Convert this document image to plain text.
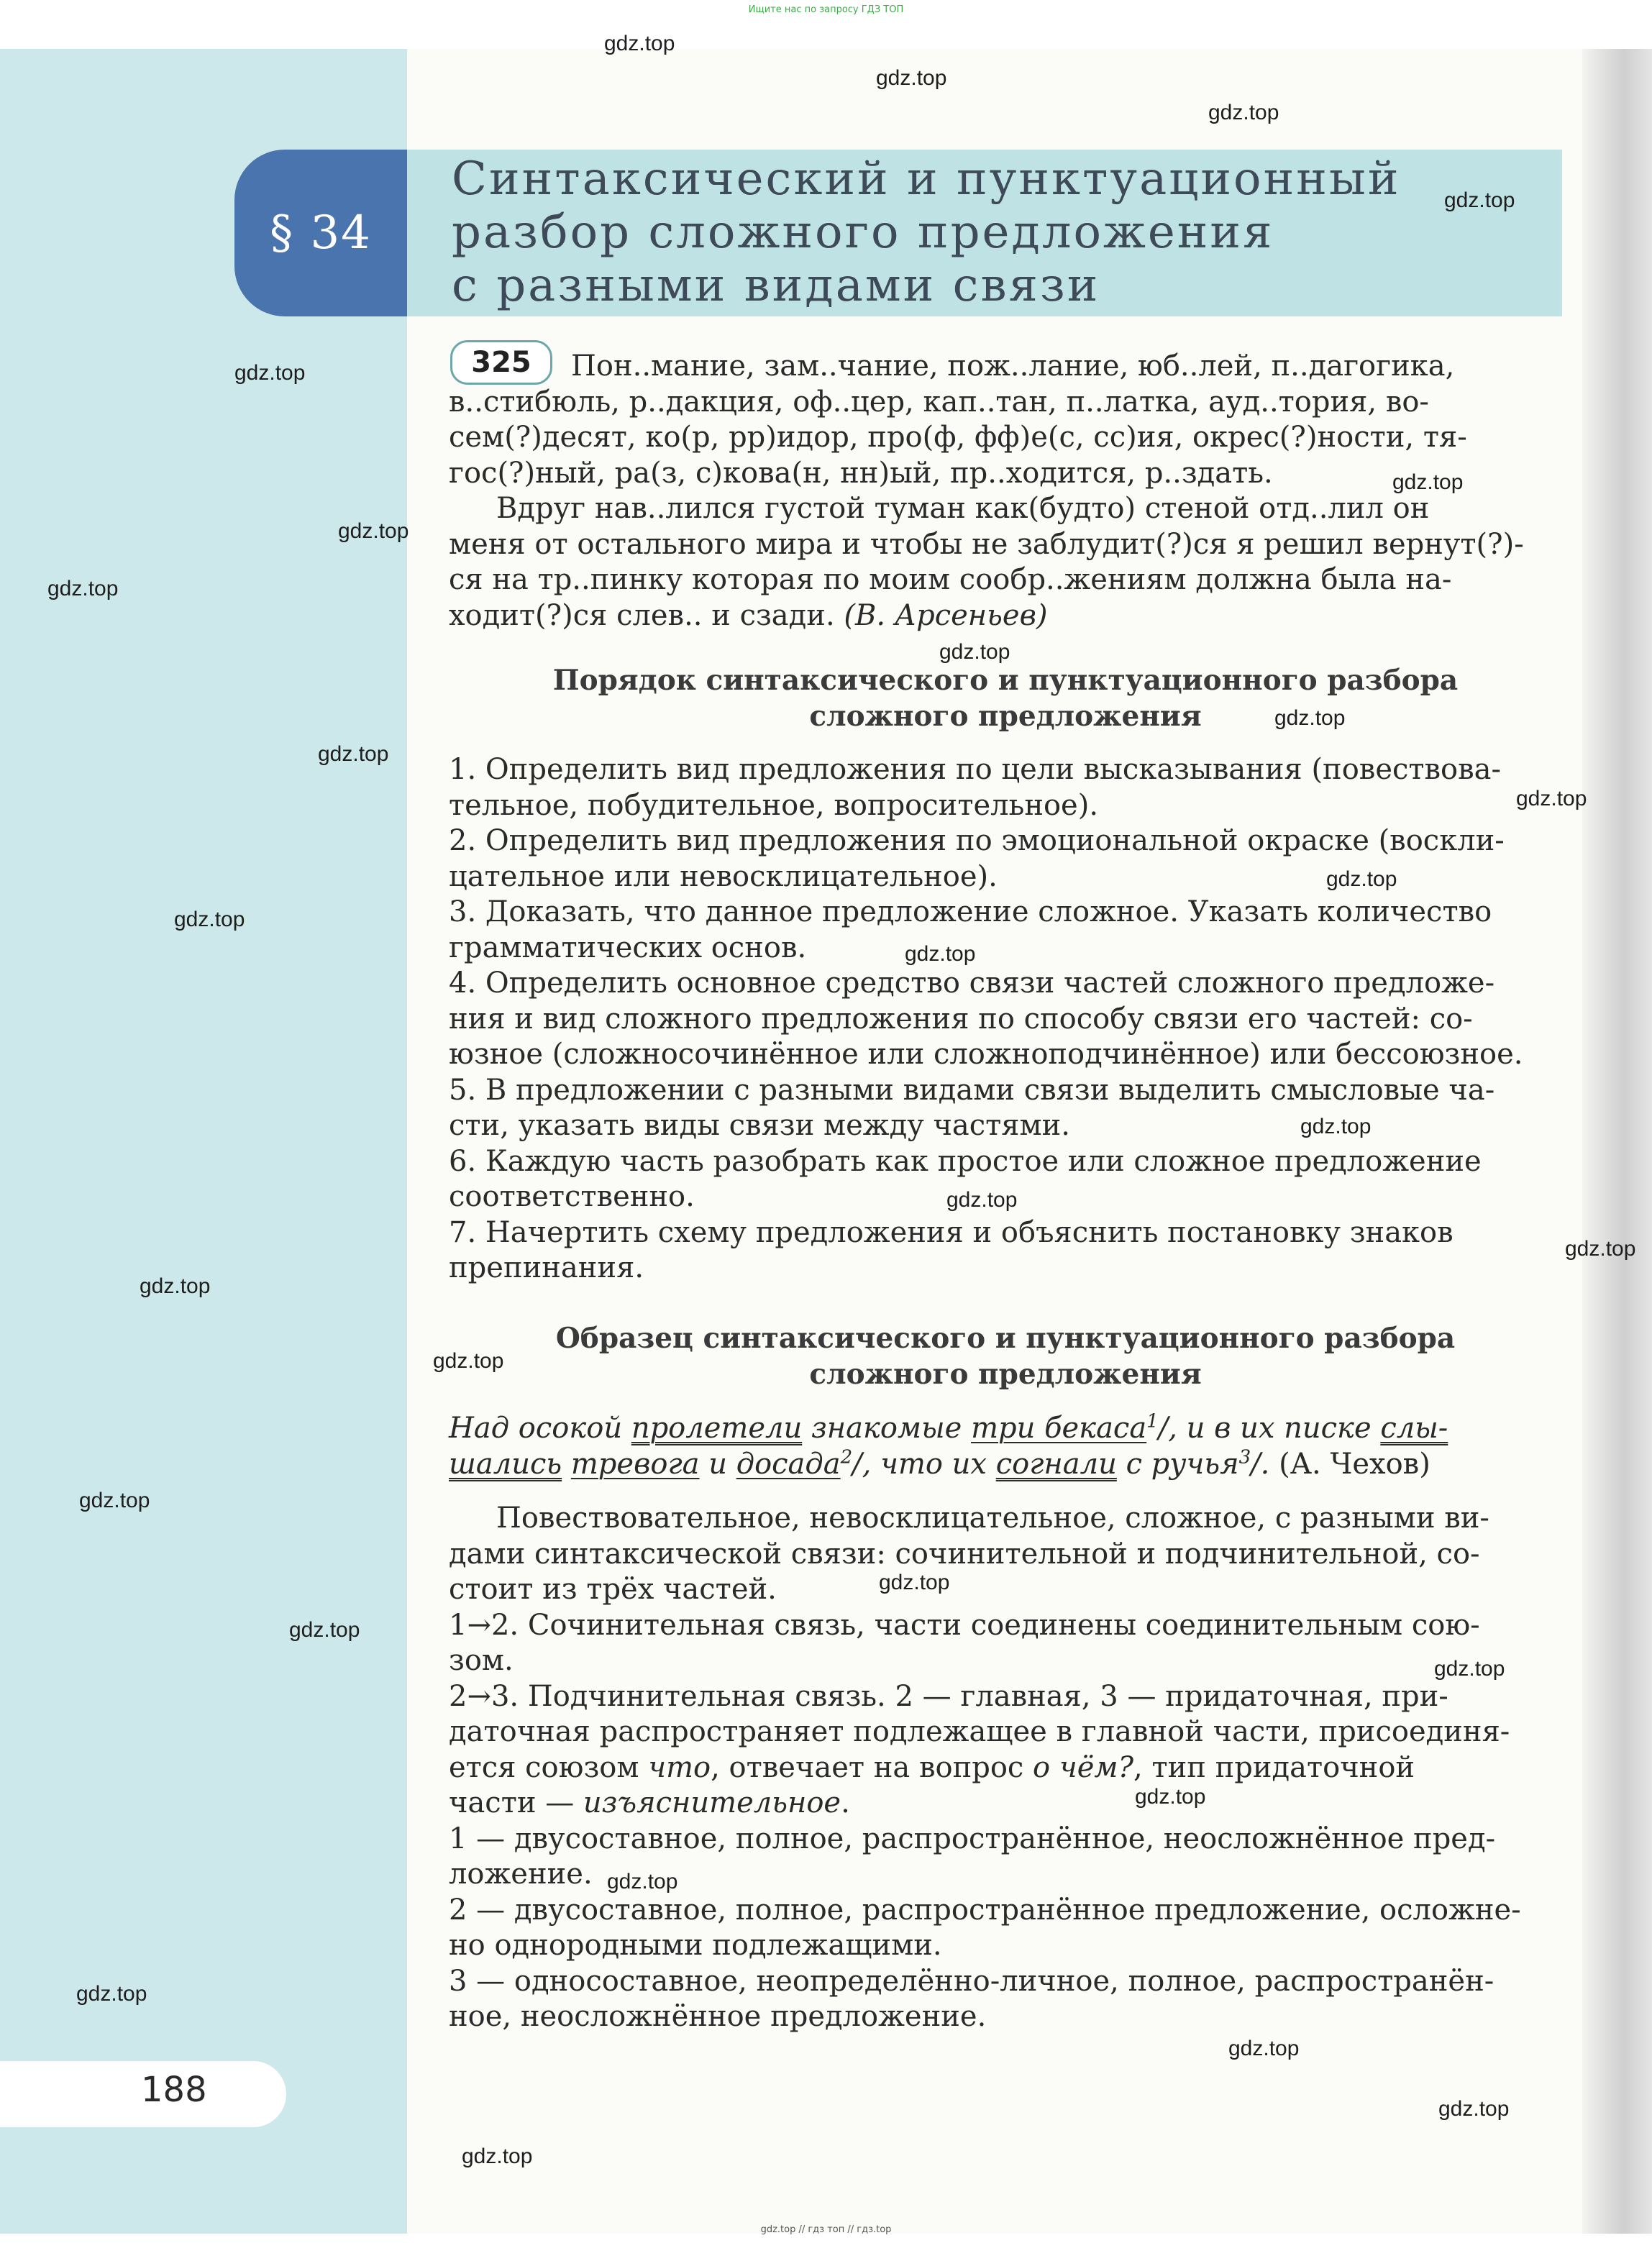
Ищите нас по запросу ГДЗ ТОП
§ 34
Синтаксический и пунктуационный
разбор сложного предложения
с разными видами связи
325	Пон..мание, зам..чание, пож..лание, юб..лей, п..дагогика,
в..стибюль, р..дакция, оф..цер, кап..тан, п..латка, ауд..тория, во-
сем(?)десят, ко(р, рр)идор, про(ф, фф)е(с, сс)ия, окрес(?)ности, тя-
гос(?)ный, ра(з, с)кова(н, нн)ый, пр..ходится, р..здать.
Вдруг нав..лился густой туман как(будто) стеной отд..лил он
меня от остального мира и чтобы не заблудит(?)ся я решил вернут(?)-
ся на тр..пинку которая по моим сообр..жениям должна была на-
ходит(?)ся слев.. и сзади. (В. Арсеньев)
Порядок синтаксического и пунктуационного разбора
сложного предложения
1. Определить вид предложения по цели высказывания (повествова-
тельное, побудительное, вопросительное).
2. Определить вид предложения по эмоциональной окраске (воскли-
цательное или невосклицательное).
3. Доказать, что данное предложение сложное. Указать количество
грамматических основ.
4. Определить основное средство связи частей сложного предложе-
ния и вид сложного предложения по способу связи его частей: со-
юзное (сложносочинённое или сложноподчинённое) или бессоюзное.
5. В предложении с разными видами связи выделить смысловые ча-
сти, указать виды связи между частями.
6. Каждую часть разобрать как простое или сложное предложение
соответственно.
7. Начертить схему предложения и объяснить постановку знаков
препинания.
Образец синтаксического и пунктуационного разбора
сложного предложения
Над осокой пролетели знакомые три бекаса$^1$/, и в их писке слы-
шались тревога и досада$^2$/, что их согнали с ручья$^3$/. (А. Чехов)
Повествовательное, невосклицательное, сложное, с разными ви-
дами синтаксической связи: сочинительной и подчинительной, со-
стоит из трёх частей.
1→2. Сочинительная связь, части соединены соединительным сою-
зом.
2→3. Подчинительная связь. 2 — главная, 3 — придаточная, при-
даточная распространяет подлежащее в главной части, присоединя-
ется союзом что, отвечает на вопрос о чём?, тип придаточной
части — изъяснительное.
1 — двусоставное, полное, распространённое, неосложнённое пред-
ложение.
2 — двусоставное, полное, распространённое предложение, осложне-
но однородными подлежащими.
3 — односоставное, неопределённо-личное, полное, распространён-
ное, неосложнённое предложение.
188
gdz.top
gdz.top
gdz.top
gdz.top
gdz.top
gdz.top
gdz.top
gdz.top
gdz.top
gdz.top
gdz.top
gdz.top
gdz.top
gdz.top
gdz.top
gdz.top
gdz.top
gdz.top
gdz.top
gdz.top
gdz.top
gdz.top
gdz.top
gdz.top
gdz.top
gdz.top
gdz.top
gdz.top
gdz.top
gdz.top
gdz.top // гдз топ // гдз.top
